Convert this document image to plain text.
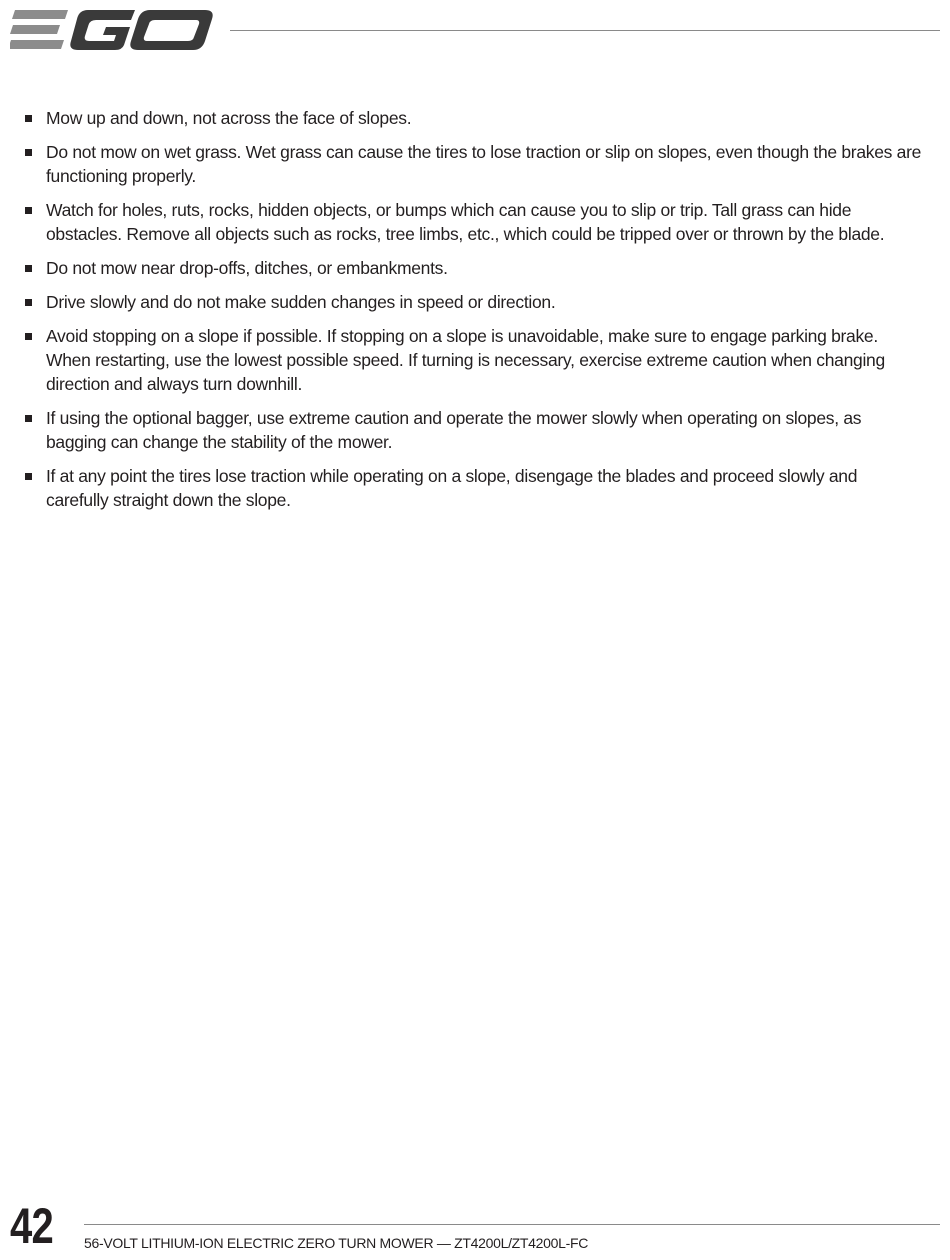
Mow up and down, not across the face of slopes.
Do not mow on wet grass. Wet grass can cause the tires to lose traction or slip on slopes, even though the brakes are functioning properly.
Watch for holes, ruts, rocks, hidden objects, or bumps which can cause you to slip or trip. Tall grass can hide obstacles. Remove all objects such as rocks, tree limbs, etc., which could be tripped over or thrown by the blade.
Do not mow near drop-offs, ditches, or embankments.
Drive slowly and do not make sudden changes in speed or direction.
Avoid stopping on a slope if possible. If stopping on a slope is unavoidable, make sure to engage parking brake. When restarting, use the lowest possible speed. If turning is necessary, exercise extreme caution when changing direction and always turn downhill.
If using the optional bagger, use extreme caution and operate the mower slowly when operating on slopes, as bagging can change the stability of the mower.
If at any point the tires lose traction while operating on a slope, disengage the blades and proceed slowly and carefully straight down the slope.
42 56-VOLT LITHIUM-ION ELECTRIC ZERO TURN MOWER — ZT4200L/ZT4200L-FC
